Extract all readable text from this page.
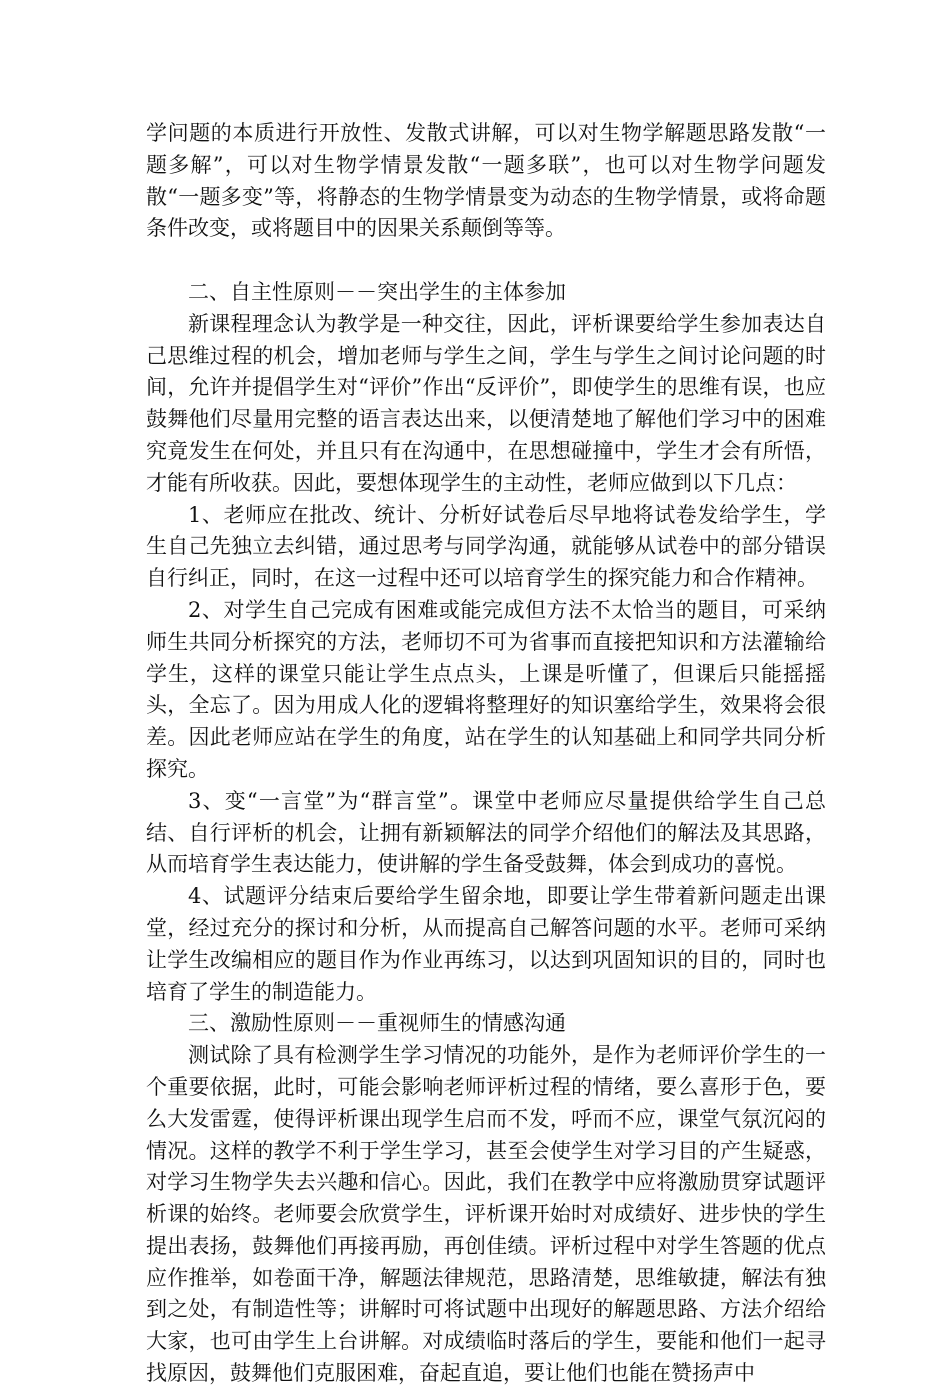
学问题的本质进行开放性、发散式讲解，可以对生物学解题思路发散“一题多解”，可以对生物学情景发散“一题多联”，也可以对生物学问题发散“一题多变”等，将静态的生物学情景变为动态的生物学情景，或将命题条件改变，或将题目中的因果关系颠倒等等。

二、自主性原则－－突出学生的主体参加

新课程理念认为教学是一种交往，因此，评析课要给学生参加表达自己思维过程的机会，增加老师与学生之间，学生与学生之间讨论问题的时间，允许并提倡学生对“评价”作出“反评价”，即使学生的思维有误，也应鼓舞他们尽量用完整的语言表达出来，以便清楚地了解他们学习中的困难究竟发生在何处，并且只有在沟通中，在思想碰撞中，学生才会有所悟，才能有所收获。因此，要想体现学生的主动性，老师应做到以下几点：

1、老师应在批改、统计、分析好试卷后尽早地将试卷发给学生，学生自己先独立去纠错，通过思考与同学沟通，就能够从试卷中的部分错误自行纠正，同时，在这一过程中还可以培育学生的探究能力和合作精神。

2、对学生自己完成有困难或能完成但方法不太恰当的题目，可采纳师生共同分析探究的方法，老师切不可为省事而直接把知识和方法灌输给学生，这样的课堂只能让学生点点头，上课是听懂了，但课后只能摇摇头，全忘了。因为用成人化的逻辑将整理好的知识塞给学生，效果将会很差。因此老师应站在学生的角度，站在学生的认知基础上和同学共同分析探究。

3、变“一言堂”为“群言堂”。课堂中老师应尽量提供给学生自己总结、自行评析的机会，让拥有新颖解法的同学介绍他们的解法及其思路，从而培育学生表达能力，使讲解的学生备受鼓舞，体会到成功的喜悦。

4、试题评分结束后要给学生留余地，即要让学生带着新问题走出课堂，经过充分的探讨和分析，从而提高自己解答问题的水平。老师可采纳让学生改编相应的题目作为作业再练习，以达到巩固知识的目的，同时也培育了学生的制造能力。

三、激励性原则－－重视师生的情感沟通

测试除了具有检测学生学习情况的功能外，是作为老师评价学生的一个重要依据，此时，可能会影响老师评析过程的情绪，要么喜形于色，要么大发雷霆，使得评析课出现学生启而不发，呼而不应，课堂气氛沉闷的情况。这样的教学不利于学生学习，甚至会使学生对学习目的产生疑惑，对学习生物学失去兴趣和信心。因此，我们在教学中应将激励贯穿试题评析课的始终。老师要会欣赏学生，评析课开始时对成绩好、进步快的学生提出表扬，鼓舞他们再接再励，再创佳绩。评析过程中对学生答题的优点应作推举，如卷面干净，解题法律规范，思路清楚，思维敏捷，解法有独到之处，有制造性等；讲解时可将试题中出现好的解题思路、方法介绍给大家，也可由学生上台讲解。对成绩临时落后的学生，要能和他们一起寻找原因，鼓舞他们克服困难，奋起直追，要让他们也能在赞扬声中
